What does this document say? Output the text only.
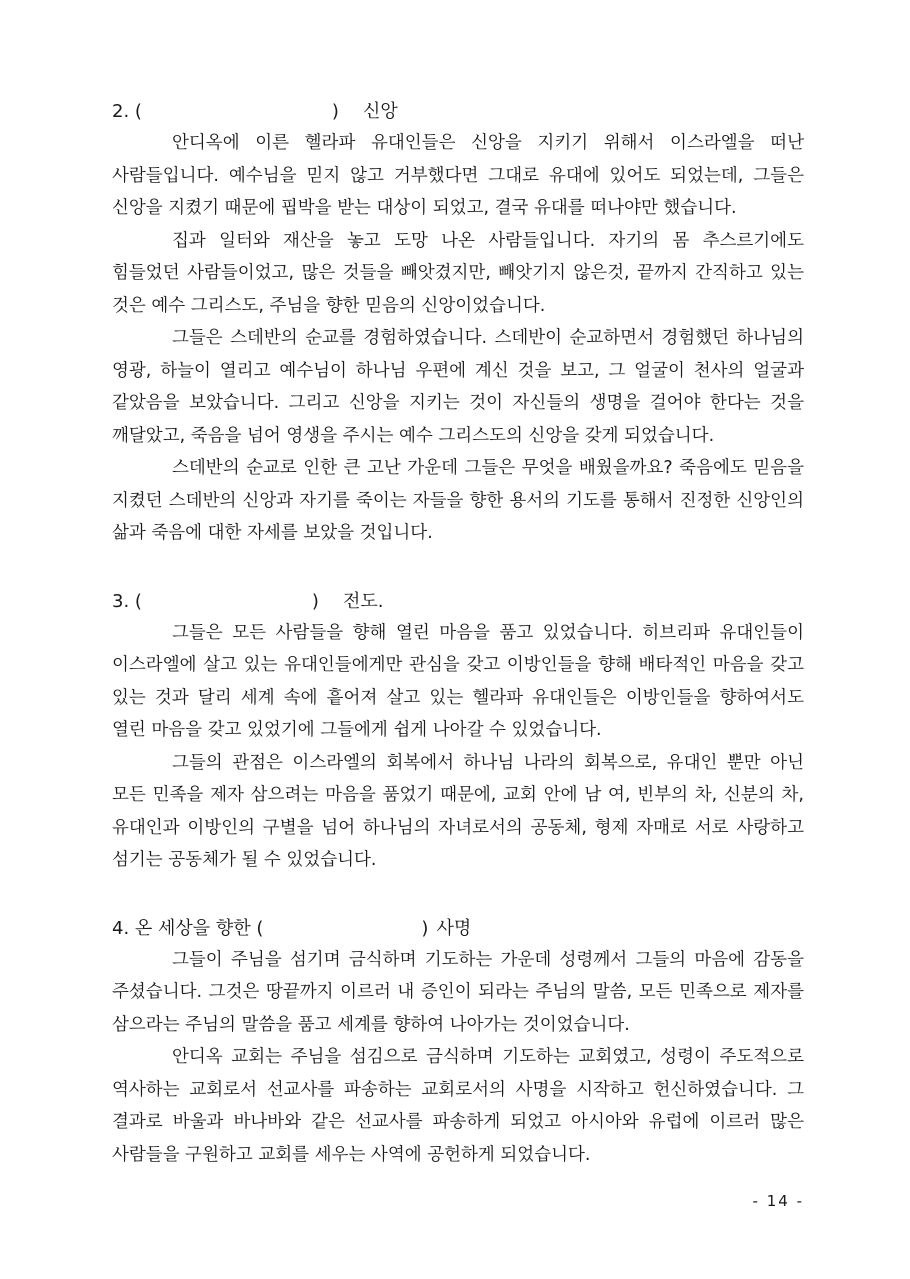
2. (	) 신앙

안디옥에 이른 헬라파 유대인들은 신앙을 지키기 위해서 이스라엘을 떠난 사람들입니다. 예수님을 믿지 않고 거부했다면 그대로 유대에 있어도 되었는데, 그들은 신앙을 지켰기 때문에 핍박을 받는 대상이 되었고, 결국 유대를 떠나야만 했습니다.

집과 일터와 재산을 놓고 도망 나온 사람들입니다. 자기의 몸 추스르기에도 힘들었던 사람들이었고, 많은 것들을 빼앗겼지만, 빼앗기지 않은것, 끝까지 간직하고 있는 것은 예수 그리스도, 주님을 향한 믿음의 신앙이었습니다.

그들은 스데반의 순교를 경험하였습니다. 스데반이 순교하면서 경험했던 하나님의 영광, 하늘이 열리고 예수님이 하나님 우편에 계신 것을 보고, 그 얼굴이 천사의 얼굴과 같았음을 보았습니다. 그리고 신앙을 지키는 것이 자신들의 생명을 걸어야 한다는 것을 깨달았고, 죽음을 넘어 영생을 주시는 예수 그리스도의 신앙을 갖게 되었습니다.

스데반의 순교로 인한 큰 고난 가운데 그들은 무엇을 배웠을까요? 죽음에도 믿음을 지켰던 스데반의 신앙과 자기를 죽이는 자들을 향한 용서의 기도를 통해서 진정한 신앙인의 삶과 죽음에 대한 자세를 보았을 것입니다.

3. (	) 전도.

그들은 모든 사람들을 향해 열린 마음을 품고 있었습니다. 히브리파 유대인들이 이스라엘에 살고 있는 유대인들에게만 관심을 갖고 이방인들을 향해 배타적인 마음을 갖고 있는 것과 달리 세계 속에 흩어져 살고 있는 헬라파 유대인들은 이방인들을 향하여서도 열린 마음을 갖고 있었기에 그들에게 쉽게 나아갈 수 있었습니다.

그들의 관점은 이스라엘의 회복에서 하나님 나라의 회복으로, 유대인 뿐만 아닌 모든 민족을 제자 삼으려는 마음을 품었기 때문에, 교회 안에 남 여, 빈부의 차, 신분의 차, 유대인과 이방인의 구별을 넘어 하나님의 자녀로서의 공동체, 형제 자매로 서로 사랑하고 섬기는 공동체가 될 수 있었습니다.

4. 온 세상을 향한 (	) 사명

그들이 주님을 섬기며 금식하며 기도하는 가운데 성령께서 그들의 마음에 감동을 주셨습니다. 그것은 땅끝까지 이르러 내 증인이 되라는 주님의 말씀, 모든 민족으로 제자를 삼으라는 주님의 말씀을 품고 세계를 향하여 나아가는 것이었습니다.

안디옥 교회는 주님을 섬김으로 금식하며 기도하는 교회였고, 성령이 주도적으로 역사하는 교회로서 선교사를 파송하는 교회로서의 사명을 시작하고 헌신하였습니다. 그 결과로 바울과 바나바와 같은 선교사를 파송하게 되었고 아시아와 유럽에 이르러 많은 사람들을 구원하고 교회를 세우는 사역에 공헌하게 되었습니다.

- 14 -
